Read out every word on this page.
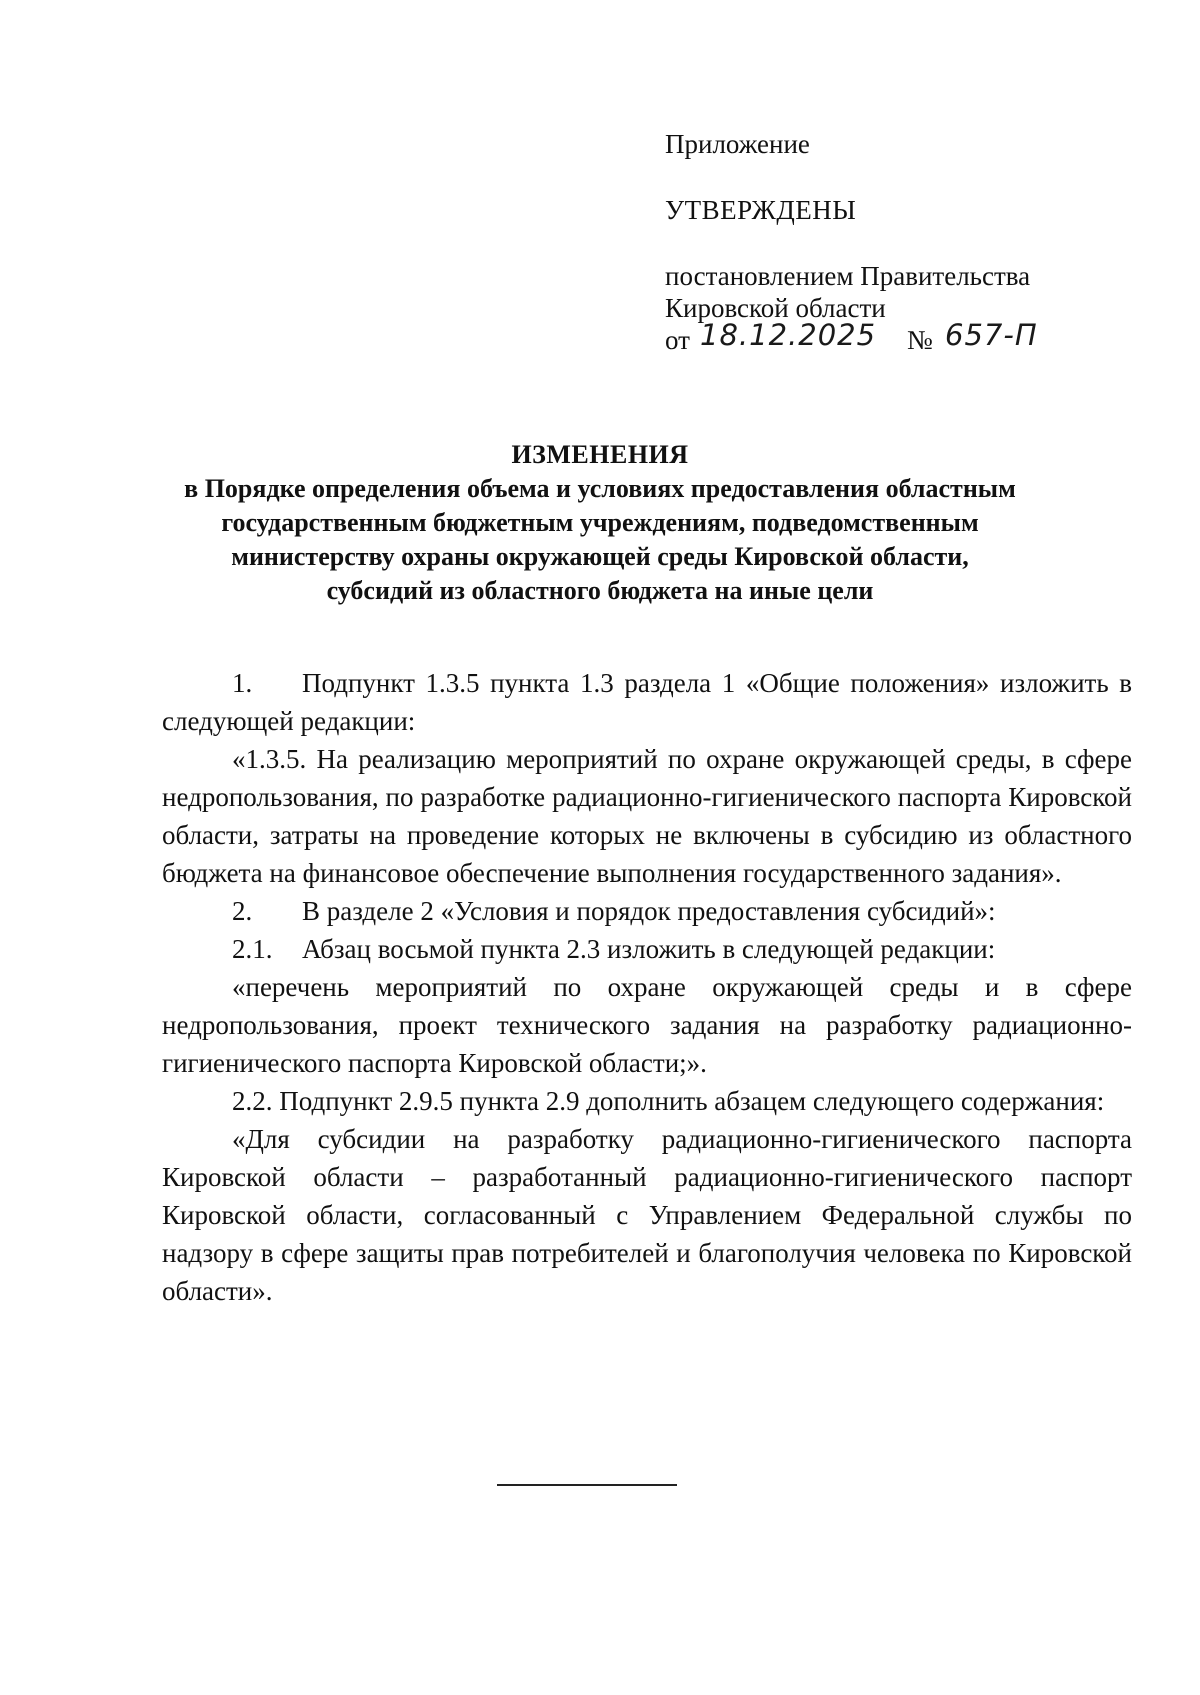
Приложение
УТВЕРЖДЕНЫ
постановлением Правительства
Кировской области
от 18.12.2025 № 657-П
ИЗМЕНЕНИЯ
в Порядке определения объема и условиях предоставления областным
государственным бюджетным учреждениям, подведомственным
министерству охраны окружающей среды Кировской области,
субсидий из областного бюджета на иные цели

1. Подпункт 1.3.5 пункта 1.3 раздела 1 «Общие положения» изложить в следующей редакции:

«1.3.5. На реализацию мероприятий по охране окружающей среды, в сфере недропользования, по разработке радиационно-гигиенического паспорта Кировской области, затраты на проведение которых не включены в субсидию из областного бюджета на финансовое обеспечение выполнения государственного задания».

2. В разделе 2 «Условия и порядок предоставления субсидий»:

2.1. Абзац восьмой пункта 2.3 изложить в следующей редакции:

«перечень мероприятий по охране окружающей среды и в сфере недропользования, проект технического задания на разработку радиационно-гигиенического паспорта Кировской области;».

2.2. Подпункт 2.9.5 пункта 2.9 дополнить абзацем следующего содержания:

«Для субсидии на разработку радиационно-гигиенического паспорта Кировской области – разработанный радиационно-гигиенического паспорт Кировской области, согласованный с Управлением Федеральной службы по надзору в сфере защиты прав потребителей и благополучия человека по Кировской области».
